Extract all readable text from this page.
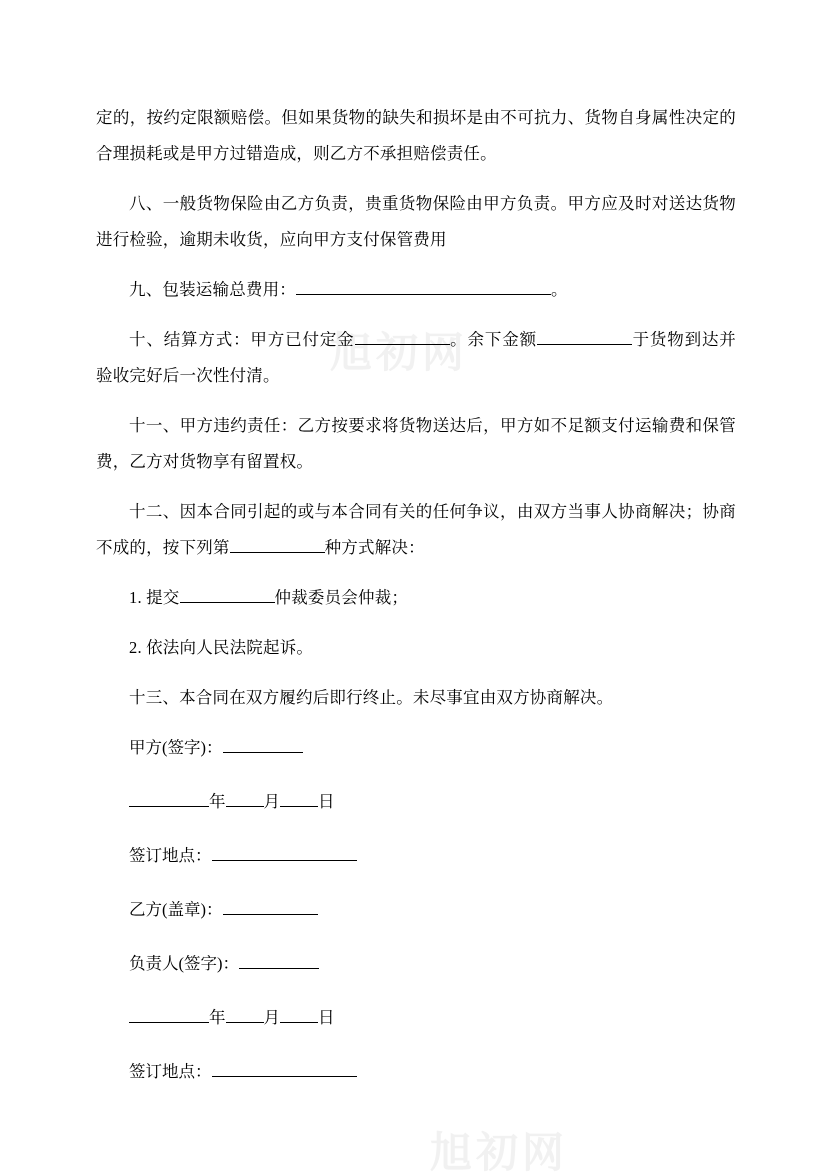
旭初网
旭初网

定的，按约定限额赔偿。但如果货物的缺失和损坏是由不可抗力、货物自身属性决定的合理损耗或是甲方过错造成，则乙方不承担赔偿责任。

八、一般货物保险由乙方负责，贵重货物保险由甲方负责。甲方应及时对送达货物进行检验，逾期未收货，应向甲方支付保管费用

九、包装运输总费用：	。

十、结算方式：甲方已付定金	。余下金额	于货物到达并验收完好后一次性付清。

十一、甲方违约责任：乙方按要求将货物送达后，甲方如不足额支付运输费和保管费，乙方对货物享有留置权。

十二、因本合同引起的或与本合同有关的任何争议，由双方当事人协商解决；协商不成的，按下列第	种方式解决：

1. 提交	仲裁委员会仲裁；

2. 依法向人民法院起诉。

十三、本合同在双方履约后即行终止。未尽事宜由双方协商解决。

甲方(签字)：

年 月 日

签订地点：

乙方(盖章)：

负责人(签字)：

年 月 日

签订地点：
